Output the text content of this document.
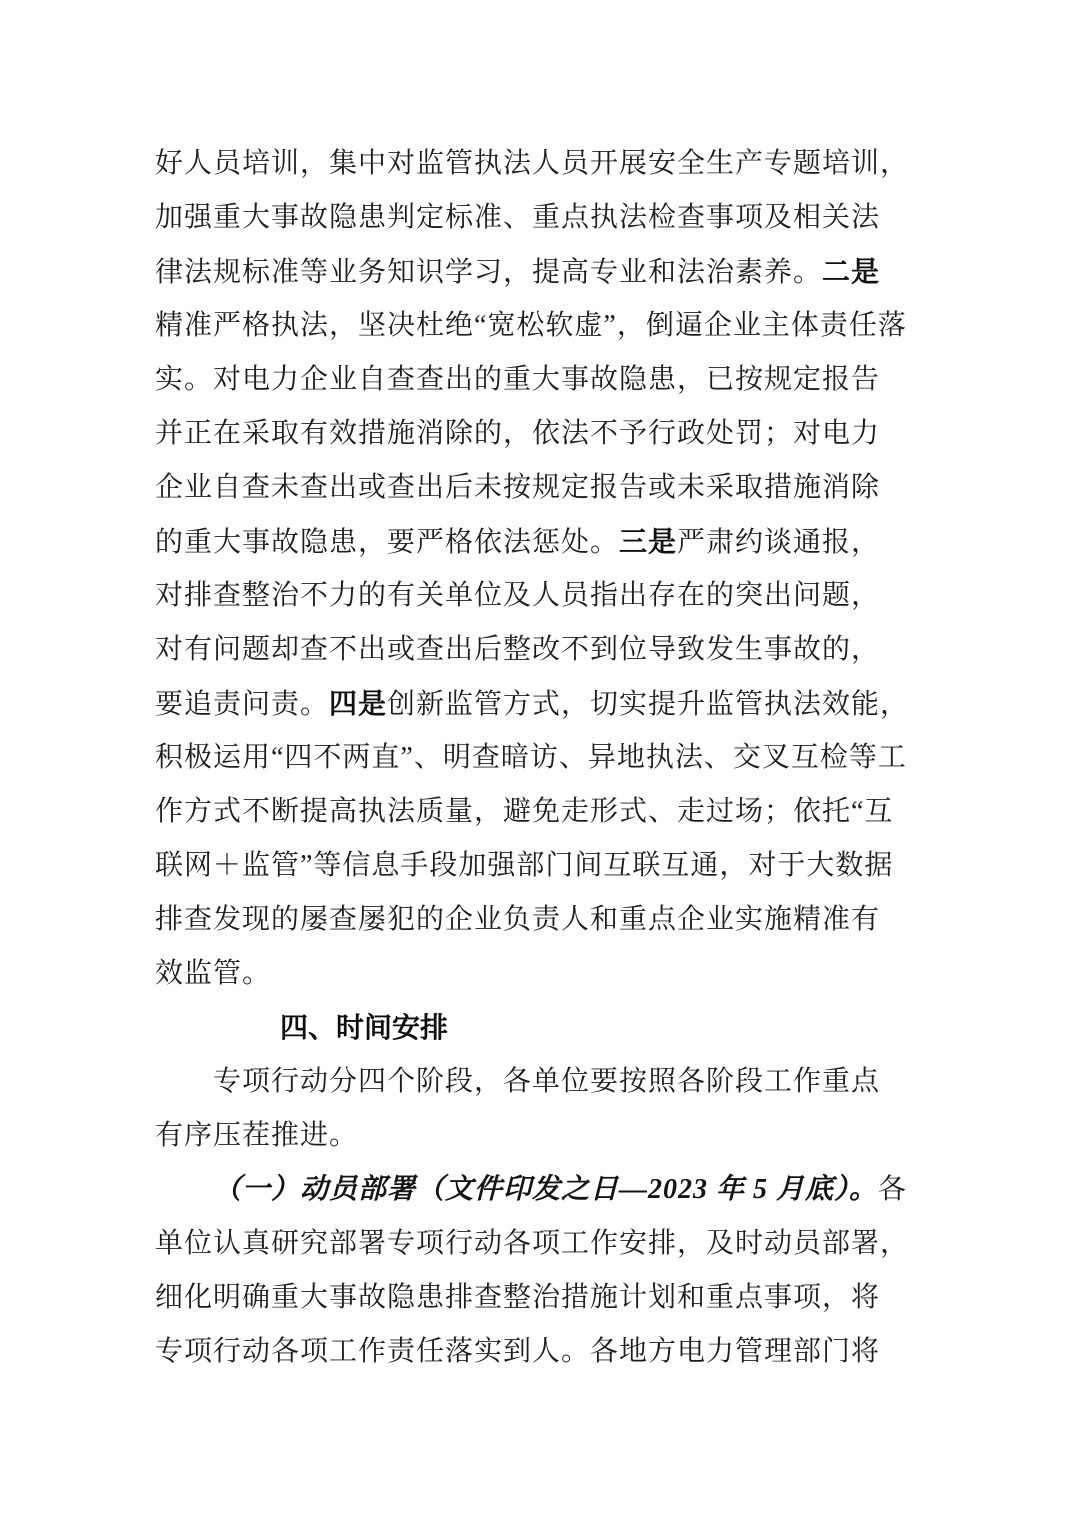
好人员培训，集中对监管执法人员开展安全生产专题培训，
加强重大事故隐患判定标准、重点执法检查事项及相关法
律法规标准等业务知识学习，提高专业和法治素养。二是
精准严格执法，坚决杜绝“宽松软虚”，倒逼企业主体责任落
实。对电力企业自查查出的重大事故隐患，已按规定报告
并正在采取有效措施消除的，依法不予行政处罚；对电力
企业自查未查出或查出后未按规定报告或未采取措施消除
的重大事故隐患，要严格依法惩处。三是严肃约谈通报，
对排查整治不力的有关单位及人员指出存在的突出问题，
对有问题却查不出或查出后整改不到位导致发生事故的，
要追责问责。四是创新监管方式，切实提升监管执法效能，
积极运用“四不两直”、明查暗访、异地执法、交叉互检等工
作方式不断提高执法质量，避免走形式、走过场；依托“互
联网＋监管”等信息手段加强部门间互联互通，对于大数据
排查发现的屡查屡犯的企业负责人和重点企业实施精准有
效监管。
四、时间安排
专项行动分四个阶段，各单位要按照各阶段工作重点
有序压茬推进。
（一）动员部署（文件印发之日—2023 年 5 月底）。各
单位认真研究部署专项行动各项工作安排，及时动员部署，
细化明确重大事故隐患排查整治措施计划和重点事项，将
专项行动各项工作责任落实到人。各地方电力管理部门将
